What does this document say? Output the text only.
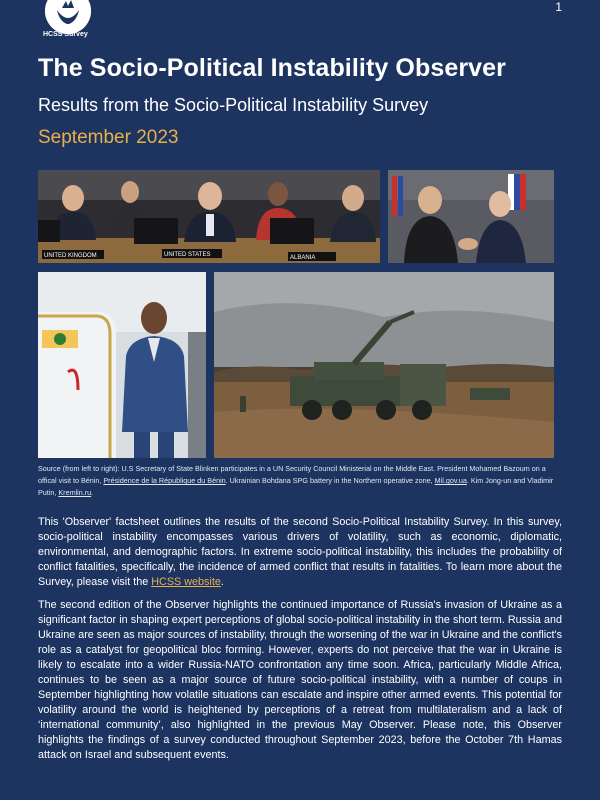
1
HCSS Survey
The Socio-Political Instability Observer
Results from the Socio-Political Instability Survey
September 2023
UNITED KINGDOM	UNITED STATES	ALBANIA
Source (from left to right): U.S Secretary of State Blinken participates in a UN Security Council Ministerial on the Middle East. President Mohamed Bazoum on a offical visit to Bénin, Présidence de la République du Bénin. Ukrainian Bohdana SPG battery in the Northern operative zone, Mil.gov.ua. Kim Jong-un and Vladimir Putin, Kremlin.ru.

This 'Observer' factsheet outlines the results of the second Socio-Political Instability Survey. In this survey, socio-political instability encompasses various drivers of volatility, such as economic, diplomatic, environmental, and demographic factors. In extreme socio-political instability, this includes the probability of conflict fatalities, specifically, the incidence of armed conflict that results in fatalities. To learn more about the Survey, please visit the HCSS website.

The second edition of the Observer highlights the continued importance of Russia's invasion of Ukraine as a significant factor in shaping expert perceptions of global socio-political instability in the short term. Russia and Ukraine are seen as major sources of instability, through the worsening of the war in Ukraine and the conflict's role as a catalyst for geopolitical bloc forming. However, experts do not perceive that the war in Ukraine is likely to escalate into a wider Russia-NATO confrontation any time soon. Africa, particularly Middle Africa, continues to be seen as a major source of future socio-political instability, with a number of coups in September highlighting how volatile situations can escalate and inspire other armed events. This potential for volatility around the world is heightened by perceptions of a retreat from multilateralism and a lack of ‘international community’, also highlighted in the previous May Observer. Please note, this Observer highlights the findings of a survey conducted throughout September 2023, before the October 7th Hamas attack on Israel and subsequent events.
